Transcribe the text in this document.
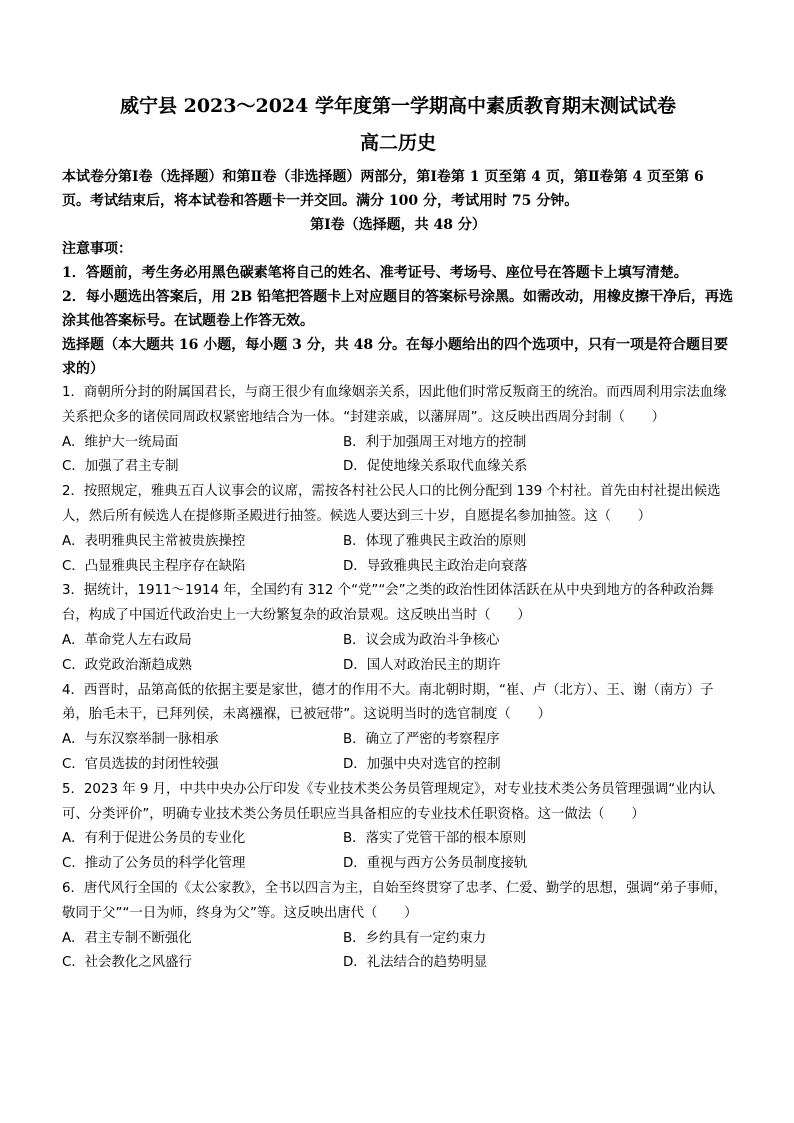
威宁县 2023～2024 学年度第一学期高中素质教育期末测试试卷

高二历史

本试卷分第Ⅰ卷（选择题）和第Ⅱ卷（非选择题）两部分，第Ⅰ卷第 1 页至第 4 页，第Ⅱ卷第 4 页至第 6 页。考试结束后，将本试卷和答题卡一并交回。满分 100 分，考试用时 75 分钟。

第Ⅰ卷（选择题，共 48 分）

注意事项：

1．答题前，考生务必用黑色碳素笔将自己的姓名、准考证号、考场号、座位号在答题卡上填写清楚。

2．每小题选出答案后，用 2B 铅笔把答题卡上对应题目的答案标号涂黑。如需改动，用橡皮擦干净后，再选涂其他答案标号。在试题卷上作答无效。

选择题（本大题共 16 小题，每小题 3 分，共 48 分。在每小题给出的四个选项中，只有一项是符合题目要求的）

1．商朝所分封的附属国君长，与商王很少有血缘姻亲关系，因此他们时常反叛商王的统治。而西周利用宗法血缘关系把众多的诸侯同周政权紧密地结合为一体。“封建亲戚，以藩屏周”。这反映出西周分封制（　　）

A．维护大一统局面	B．利于加强周王对地方的控制
C．加强了君主专制	D．促使地缘关系取代血缘关系

2．按照规定，雅典五百人议事会的议席，需按各村社公民人口的比例分配到 139 个村社。首先由村社提出候选人，然后所有候选人在提修斯圣殿进行抽签。候选人要达到三十岁，自愿提名参加抽签。这（　　）

A．表明雅典民主常被贵族操控	B．体现了雅典民主政治的原则
C．凸显雅典民主程序存在缺陷	D．导致雅典民主政治走向衰落

3．据统计，1911～1914 年，全国约有 312 个“党”“会”之类的政治性团体活跃在从中央到地方的各种政治舞台，构成了中国近代政治史上一大纷繁复杂的政治景观。这反映出当时（　　）

A．革命党人左右政局	B．议会成为政治斗争核心
C．政党政治渐趋成熟	D．国人对政治民主的期许

4．西晋时，品第高低的依据主要是家世，德才的作用不大。南北朝时期，“崔、卢（北方）、王、谢（南方）子弟，胎毛未干，已拜列侯，未离襁褓，已被冠带”。这说明当时的选官制度（　　）

A．与东汉察举制一脉相承	B．确立了严密的考察程序
C．官员选拔的封闭性较强	D．加强中央对选官的控制

5．2023 年 9 月，中共中央办公厅印发《专业技术类公务员管理规定》，对专业技术类公务员管理强调“业内认可、分类评价”，明确专业技术类公务员任职应当具备相应的专业技术任职资格。这一做法（　　）

A．有利于促进公务员的专业化	B．落实了党管干部的根本原则
C．推动了公务员的科学化管理	D．重视与西方公务员制度接轨

6．唐代风行全国的《太公家教》，全书以四言为主，自始至终贯穿了忠孝、仁爱、勤学的思想，强调“弟子事师，敬同于父”“一日为师，终身为父”等。这反映出唐代（　　）

A．君主专制不断强化	B．乡约具有一定约束力
C．社会教化之风盛行	D．礼法结合的趋势明显
